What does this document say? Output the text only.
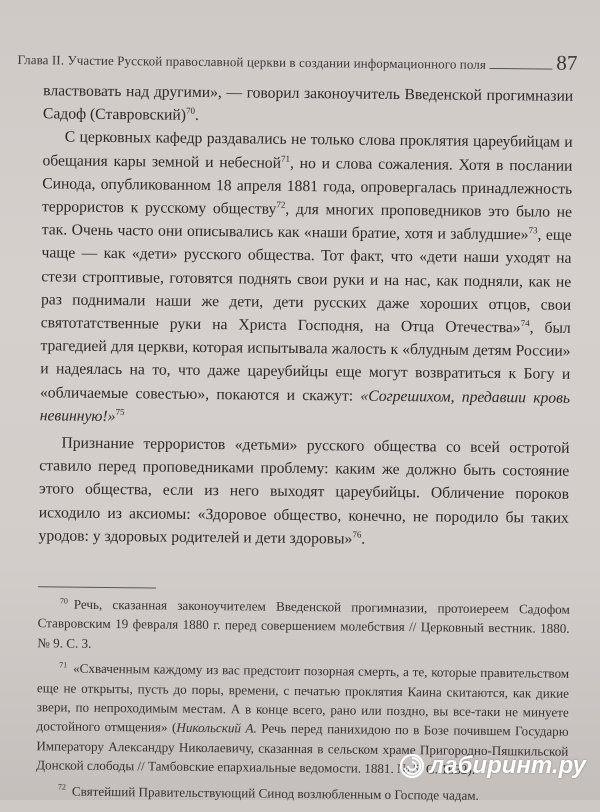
Глава II. Участие Русской православной церкви в создании информационного поля	87

властвовать над другими», — говорил законоучитель Введенской прогимназии Садоф (Ставровский)$^{70}$.

С церковных кафедр раздавались не только слова проклятия цареубийцам и обещания кары земной и небесной$^{71}$, но и слова сожаления. Хотя в послании Синода, опубликованном 18 апреля 1881 года, опровергалась принадлежность террористов к русскому обществу$^{72}$, для многих проповедников это было не так. Очень часто они описывались как «наши братие, хотя и заблудшие»$^{73}$, еще чаще — как «дети» русского общества. Тот факт, что «дети наши уходят на стези строптивые, готовятся поднять свои руки и на нас, как подняли, как не раз поднимали наши же дети, дети русских даже хороших отцов, свои святотатственные руки на Христа Господня, на Отца Отечества»$^{74}$, был трагедией для церкви, которая испытывала жалость к «блудным детям России» и надеялась на то, что даже цареубийцы еще могут возвратиться к Богу и «обличаемые совестью», покаются и скажут: «Согрешихом, предавши кровь невинную!»$^{75}$

Признание террористов «детьми» русского общества со всей остротой ставило перед проповедниками проблему: каким же должно быть состояние этого общества, если из него выходят цареубийцы. Обличение пороков исходило из аксиомы: «Здоровое общество, конечно, не породило бы таких уродов: у здоровых родителей и дети здоровы»$^{76}$.

$^{70}$ Речь, сказанная законоучителем Введенской прогимназии, протоиереем Садофом Ставровским 19 февраля 1880 г. перед совершением молебствия // Церковный вестник. 1880. № 9. С. 3.

$^{71}$ «Схваченным каждому из вас предстоит позорная смерть, а те, которые правительством еще не открыты, пусть до поры, времени, с печатью проклятия Каина скитаются, как дикие звери, по непроходимым местам. А в конце всего, рано или поздно, вы все-таки не минуете достойного отмщения» (Никольский А. Речь перед панихидою по в Бозе почившем Государю Императору Александру Николаевичу, сказанная в сельском храме Пригородно-Пяшкильской Донской слободы // Тамбовские епархиальные ведомости. 1881. № 5. С. 1832).

$^{72}$ Святейший Правительствующий Синод возлюбленным о Господе чадам.

лабиринт.ру
